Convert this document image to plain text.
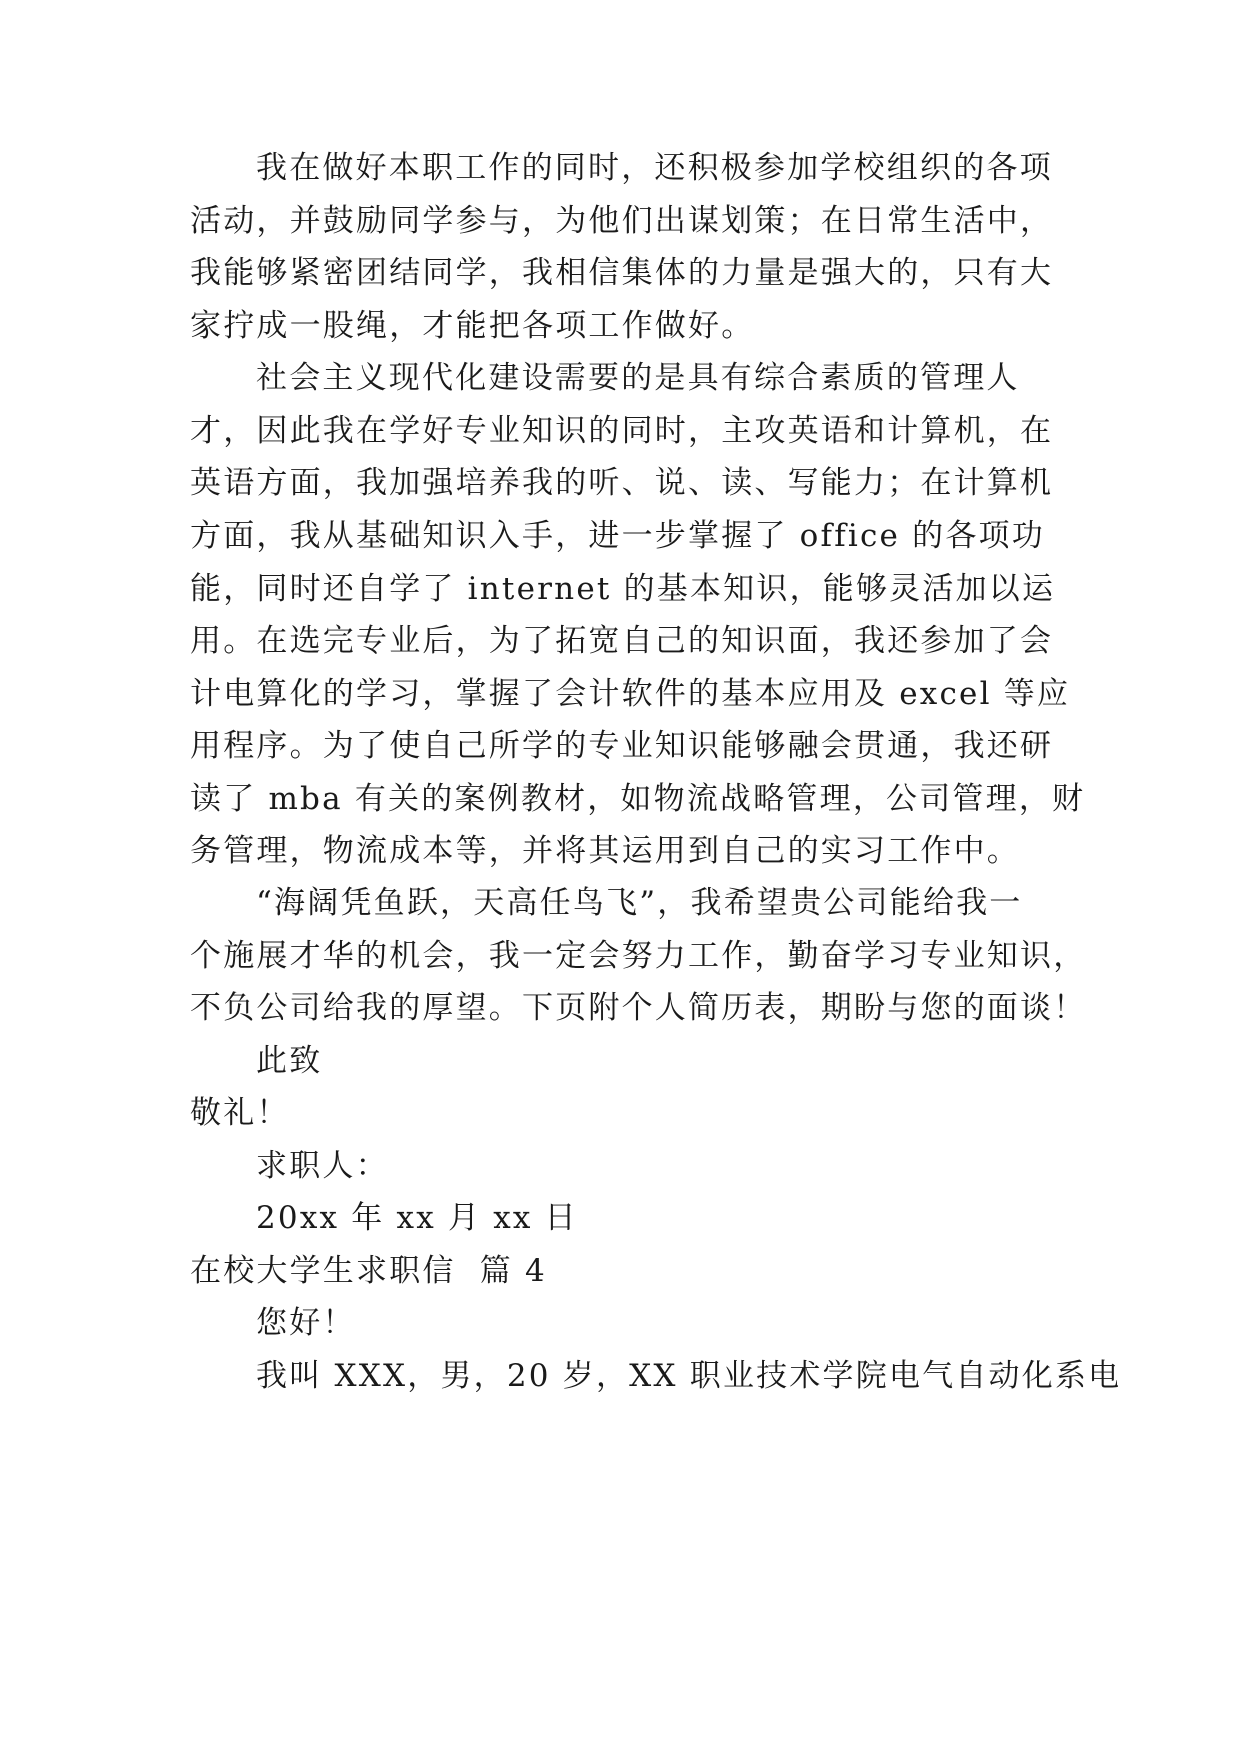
我在做好本职工作的同时，还积极参加学校组织的各项
活动，并鼓励同学参与，为他们出谋划策；在日常生活中，
我能够紧密团结同学，我相信集体的力量是强大的，只有大
家拧成一股绳，才能把各项工作做好。
社会主义现代化建设需要的是具有综合素质的管理人
才，因此我在学好专业知识的同时，主攻英语和计算机，在
英语方面，我加强培养我的听、说、读、写能力；在计算机
方面，我从基础知识入手，进一步掌握了 office 的各项功
能，同时还自学了 internet 的基本知识，能够灵活加以运
用。在选完专业后，为了拓宽自己的知识面，我还参加了会
计电算化的学习，掌握了会计软件的基本应用及 excel 等应
用程序。为了使自己所学的专业知识能够融会贯通，我还研
读了 mba 有关的案例教材，如物流战略管理，公司管理，财
务管理，物流成本等，并将其运用到自己的实习工作中。
“海阔凭鱼跃，天高任鸟飞”，我希望贵公司能给我一
个施展才华的机会，我一定会努力工作，勤奋学习专业知识，
不负公司给我的厚望。下页附个人简历表，期盼与您的面谈！
此致
敬礼！
求职人：
20xx 年 xx 月 xx 日
在校大学生求职信  篇 4
您好！
我叫 XXX，男，20 岁，XX 职业技术学院电气自动化系电
